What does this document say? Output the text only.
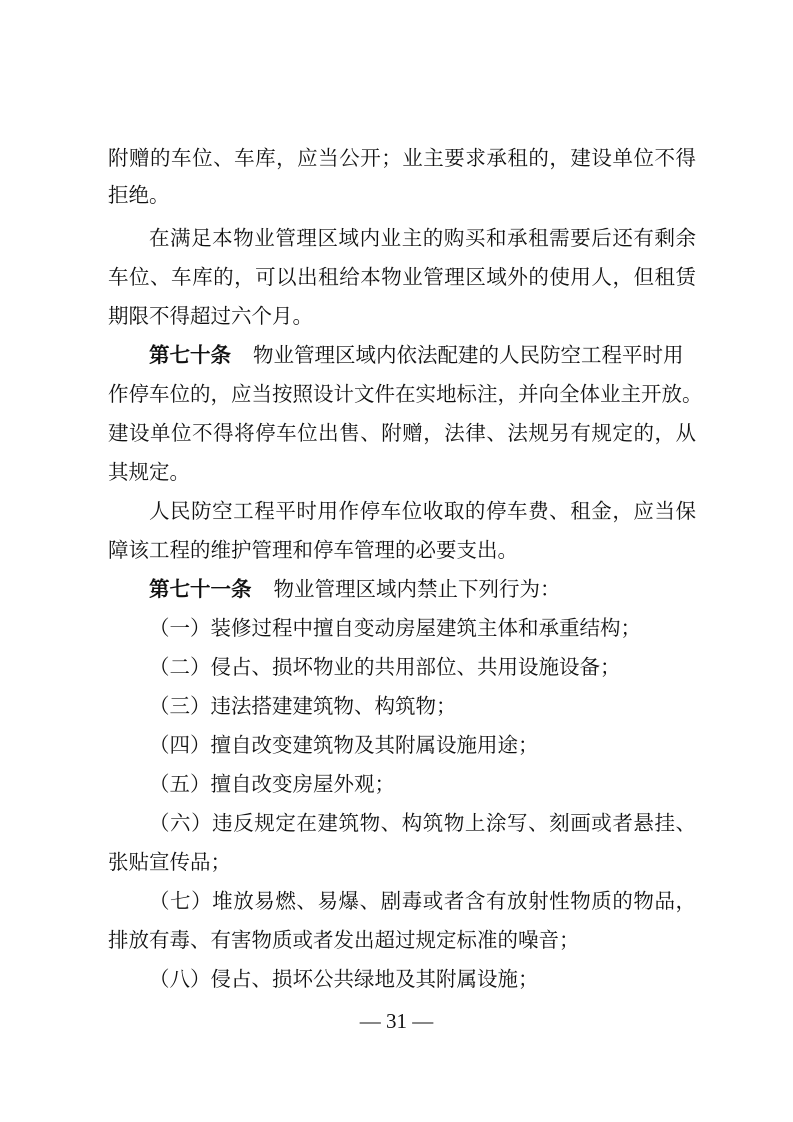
附赠的车位、车库，应当公开；业主要求承租的，建设单位不得
拒绝。
在满足本物业管理区域内业主的购买和承租需要后还有剩余
车位、车库的，可以出租给本物业管理区域外的使用人，但租赁
期限不得超过六个月。
第七十条 物业管理区域内依法配建的人民防空工程平时用
作停车位的，应当按照设计文件在实地标注，并向全体业主开放。
建设单位不得将停车位出售、附赠，法律、法规另有规定的，从
其规定。
人民防空工程平时用作停车位收取的停车费、租金，应当保
障该工程的维护管理和停车管理的必要支出。
第七十一条 物业管理区域内禁止下列行为：
（一）装修过程中擅自变动房屋建筑主体和承重结构；
（二）侵占、损坏物业的共用部位、共用设施设备；
（三）违法搭建建筑物、构筑物；
（四）擅自改变建筑物及其附属设施用途；
（五）擅自改变房屋外观；
（六）违反规定在建筑物、构筑物上涂写、刻画或者悬挂、
张贴宣传品；
（七）堆放易燃、易爆、剧毒或者含有放射性物质的物品，
排放有毒、有害物质或者发出超过规定标准的噪音；
（八）侵占、损坏公共绿地及其附属设施；
— 31 —
